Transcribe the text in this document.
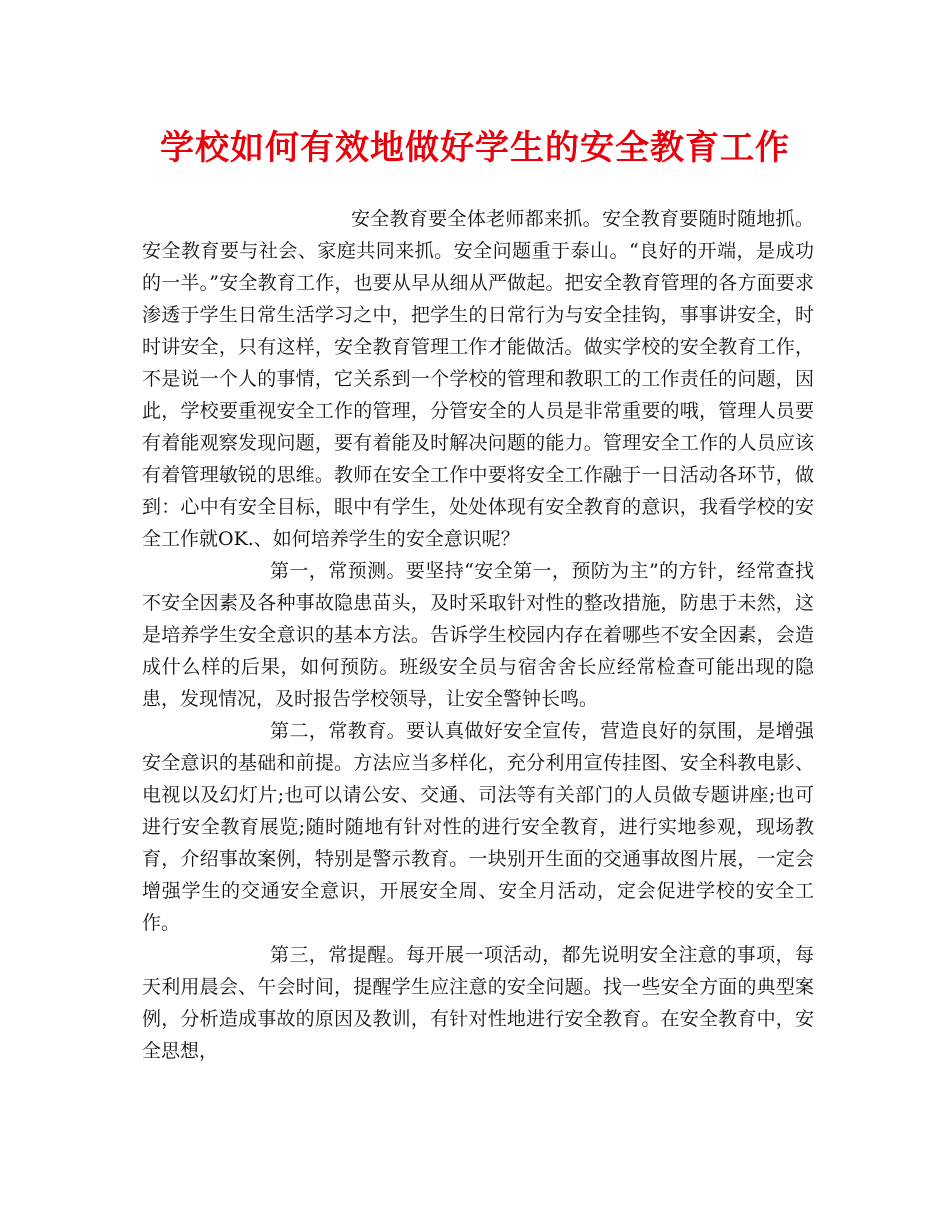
学校如何有效地做好学生的安全教育工作

安全教育要全体老师都来抓。安全教育要随时随地抓。安全教育要与社会、家庭共同来抓。安全问题重于泰山。“良好的开端，是成功的一半。”安全教育工作，也要从早从细从严做起。把安全教育管理的各方面要求渗透于学生日常生活学习之中，把学生的日常行为与安全挂钩，事事讲安全，时时讲安全，只有这样，安全教育管理工作才能做活。做实学校的安全教育工作，不是说一个人的事情，它关系到一个学校的管理和教职工的工作责任的问题，因此，学校要重视安全工作的管理，分管安全的人员是非常重要的哦，管理人员要有着能观察发现问题，要有着能及时解决问题的能力。管理安全工作的人员应该有着管理敏锐的思维。教师在安全工作中要将安全工作融于一日活动各环节，做到：心中有安全目标，眼中有学生，处处体现有安全教育的意识，我看学校的安全工作就OK.、如何培养学生的安全意识呢？

第一，常预测。要坚持“安全第一，预防为主”的方针，经常查找不安全因素及各种事故隐患苗头，及时采取针对性的整改措施，防患于未然，这是培养学生安全意识的基本方法。告诉学生校园内存在着哪些不安全因素，会造成什么样的后果，如何预防。班级安全员与宿舍舍长应经常检查可能出现的隐患，发现情况，及时报告学校领导，让安全警钟长鸣。

第二，常教育。要认真做好安全宣传，营造良好的氛围，是增强安全意识的基础和前提。方法应当多样化，充分利用宣传挂图、安全科教电影、电视以及幻灯片;也可以请公安、交通、司法等有关部门的人员做专题讲座;也可进行安全教育展览;随时随地有针对性的进行安全教育，进行实地参观，现场教育，介绍事故案例，特别是警示教育。一块别开生面的交通事故图片展，一定会增强学生的交通安全意识，开展安全周、安全月活动，定会促进学校的安全工作。

第三，常提醒。每开展一项活动，都先说明安全注意的事项，每天利用晨会、午会时间，提醒学生应注意的安全问题。找一些安全方面的典型案例，分析造成事故的原因及教训，有针对性地进行安全教育。在安全教育中，安全思想，
